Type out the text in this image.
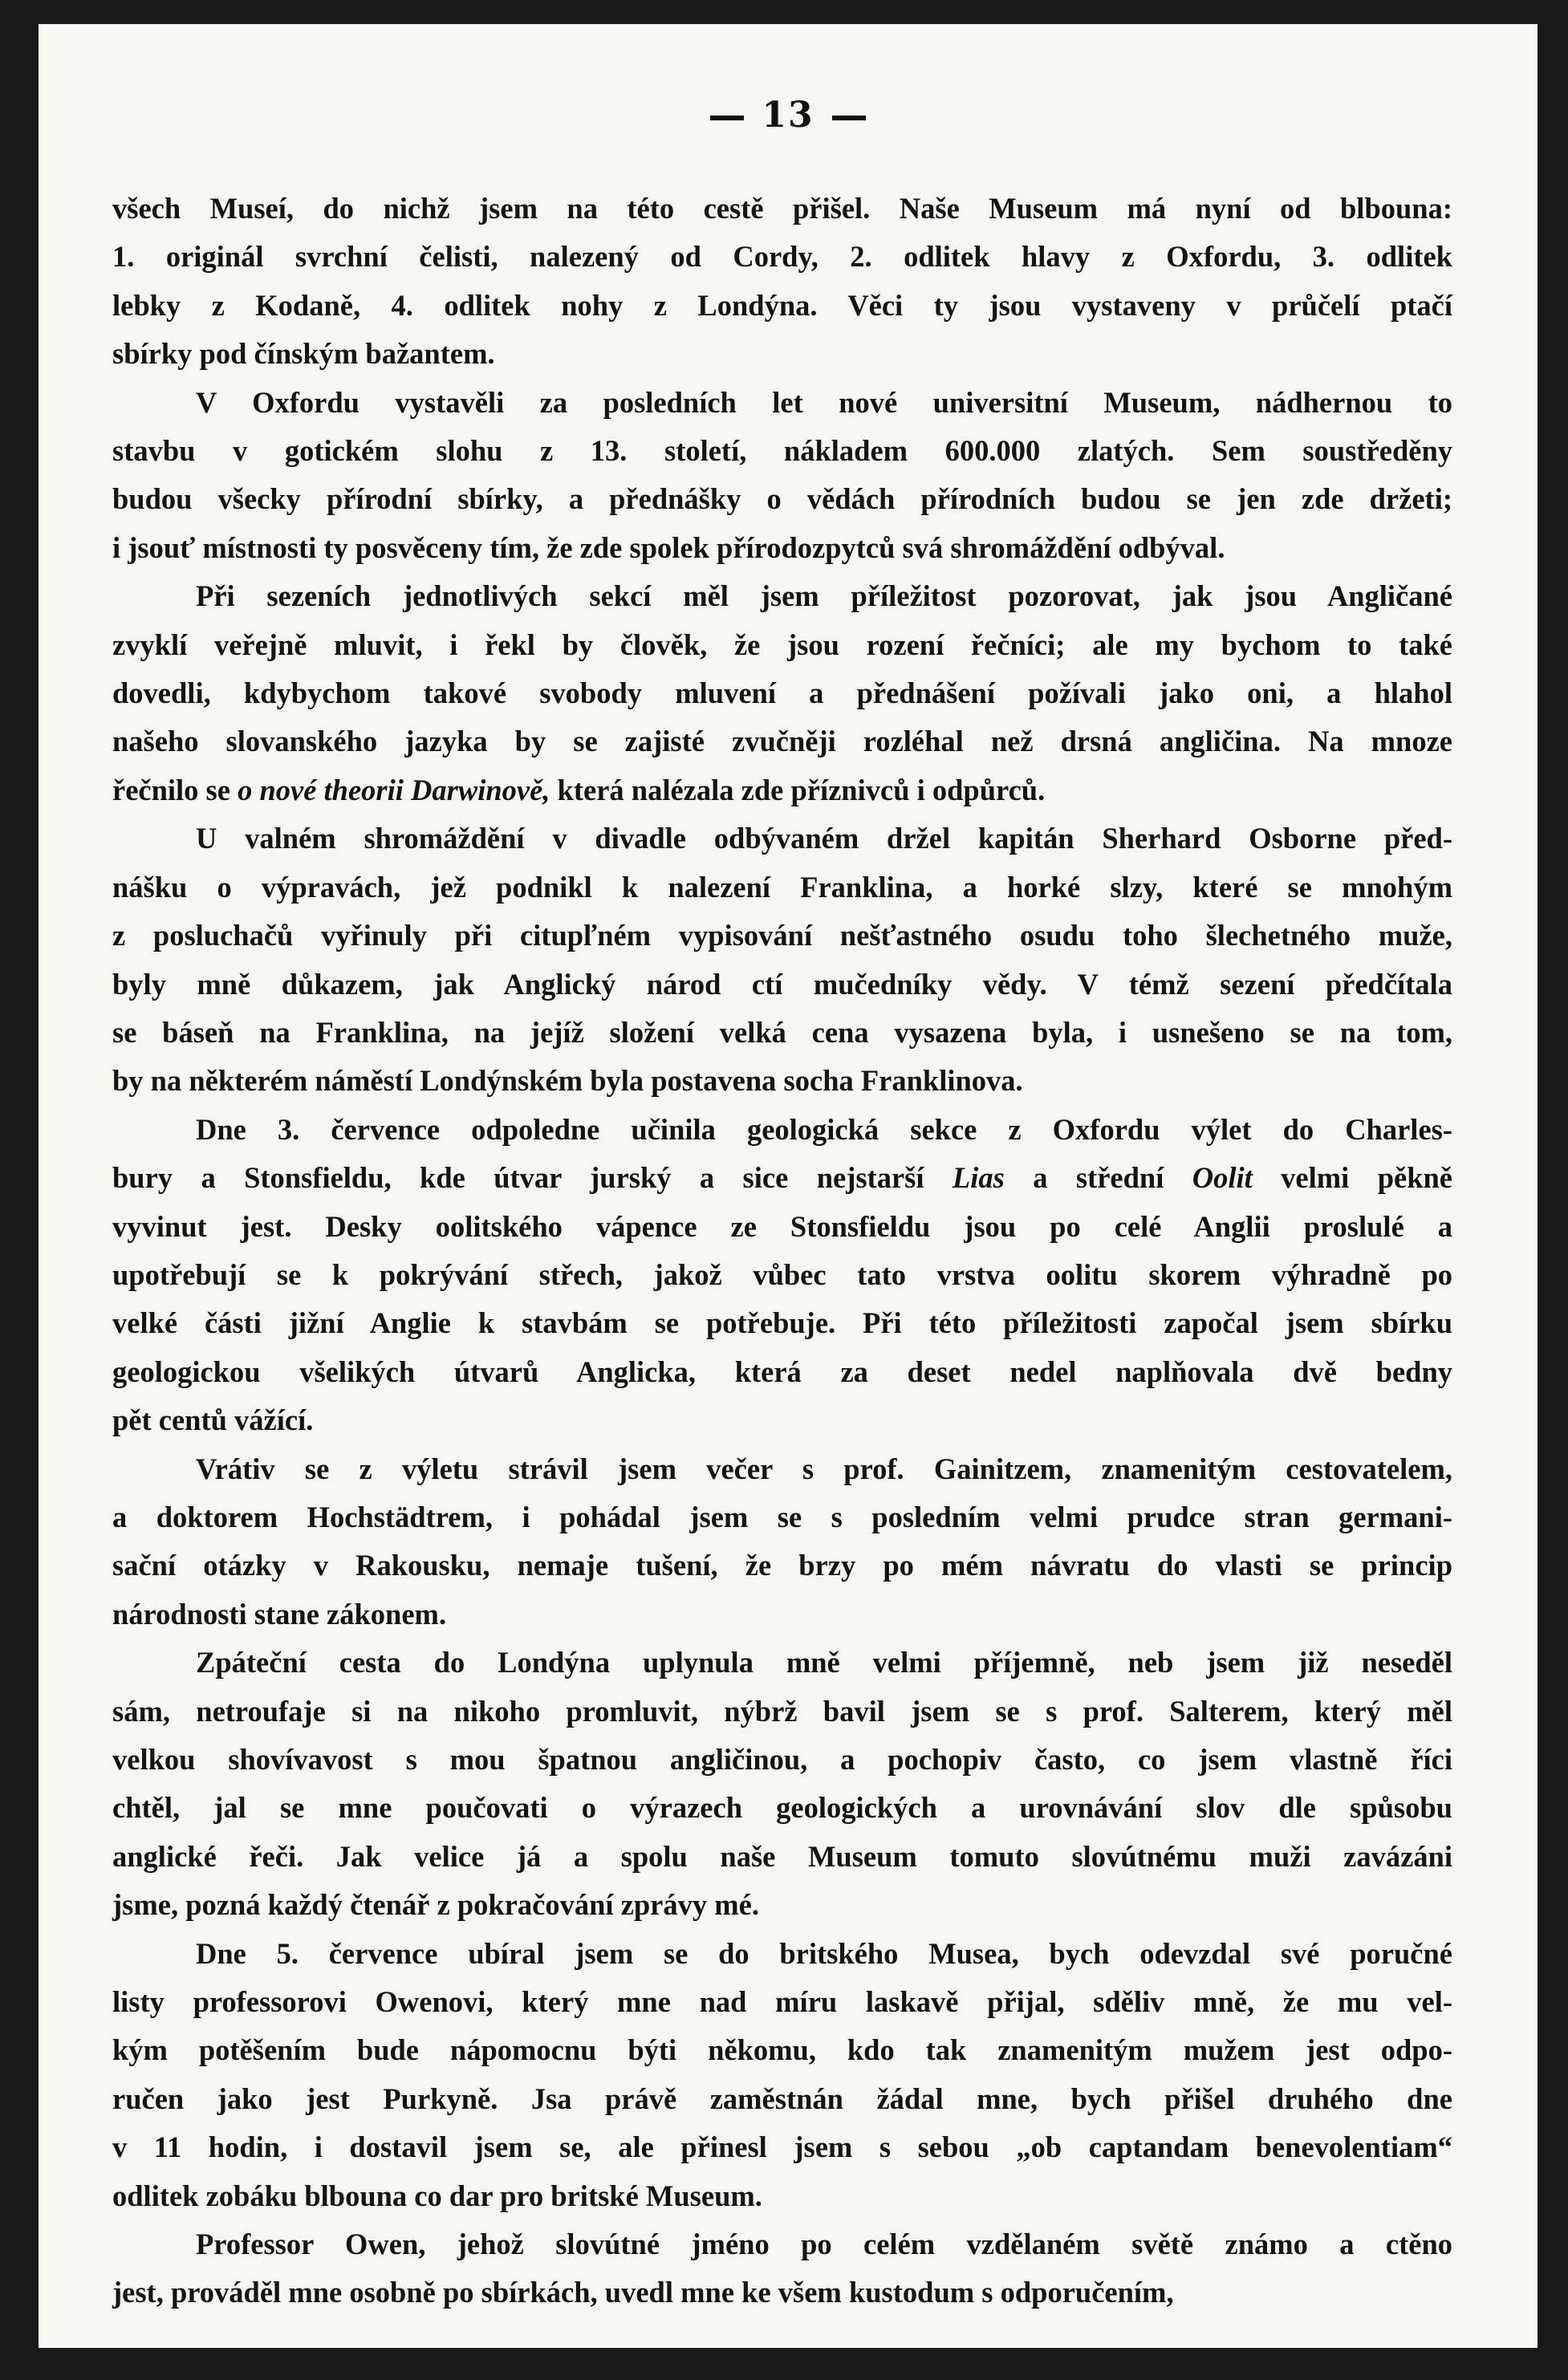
13
všech Museí, do nichž jsem na této cestě přišel. Naše Museum má nyní od blbouna:
1. originál svrchní čelisti, nalezený od Cordy, 2. odlitek hlavy z Oxfordu, 3. odlitek
lebky z Kodaně, 4. odlitek nohy z Londýna. Věci ty jsou vystaveny v průčelí ptačí
sbírky pod čínským bažantem.
V Oxfordu vystavěli za posledních let nové universitní Museum, nádhernou to
stavbu v gotickém slohu z 13. století, nákladem 600.000 zlatých. Sem soustředěny
budou všecky přírodní sbírky, a přednášky o vědách přírodních budou se jen zde držeti;
i jsouť místnosti ty posvěceny tím, že zde spolek přírodozpytců svá shromáždění odbýval.
Při sezeních jednotlivých sekcí měl jsem příležitost pozorovat, jak jsou Angličané
zvyklí veřejně mluvit, i řekl by člověk, že jsou rození řečníci; ale my bychom to také
dovedli, kdybychom takové svobody mluvení a přednášení požívali jako oni, a hlahol
našeho slovanského jazyka by se zajisté zvučněji rozléhal než drsná angličina. Na mnoze
řečnilo se o nové theorii Darwinově, která nalézala zde příznivců i odpůrců.
U valném shromáždění v divadle odbývaném držel kapitán Sherhard Osborne před-
nášku o výpravách, jež podnikl k nalezení Franklina, a horké slzy, které se mnohým
z posluchačů vyřinuly při citupľném vypisování nešťastného osudu toho šlechetného muže,
byly mně důkazem, jak Anglický národ ctí mučedníky vědy. V témž sezení předčítala
se báseň na Franklina, na jejíž složení velká cena vysazena byla, i usnešeno se na tom,
by na některém náměstí Londýnském byla postavena socha Franklinova.
Dne 3. července odpoledne učinila geologická sekce z Oxfordu výlet do Charles-
bury a Stonsfieldu, kde útvar jurský a sice nejstarší Lias a střední Oolit velmi pěkně
vyvinut jest. Desky oolitského vápence ze Stonsfieldu jsou po celé Anglii proslulé a
upotřebují se k pokrývání střech, jakož vůbec tato vrstva oolitu skorem výhradně po
velké části jižní Anglie k stavbám se potřebuje. Při této příležitosti započal jsem sbírku
geologickou všelikých útvarů Anglicka, která za deset nedel naplňovala dvě bedny
pět centů vážící.
Vrátiv se z výletu strávil jsem večer s prof. Gainitzem, znamenitým cestovatelem,
a doktorem Hochstädtrem, i pohádal jsem se s posledním velmi prudce stran germani-
sační otázky v Rakousku, nemaje tušení, že brzy po mém návratu do vlasti se princip
národnosti stane zákonem.
Zpáteční cesta do Londýna uplynula mně velmi příjemně, neb jsem již neseděl
sám, netroufaje si na nikoho promluvit, nýbrž bavil jsem se s prof. Salterem, který měl
velkou shovívavost s mou špatnou angličinou, a pochopiv často, co jsem vlastně říci
chtěl, jal se mne poučovati o výrazech geologických a urovnávání slov dle spůsobu
anglické řeči. Jak velice já a spolu naše Museum tomuto slovútnému muži zavázáni
jsme, pozná každý čtenář z pokračování zprávy mé.
Dne 5. července ubíral jsem se do britského Musea, bych odevzdal své poručné
listy professorovi Owenovi, který mne nad míru laskavě přijal, sděliv mně, že mu vel-
kým potěšením bude nápomocnu býti někomu, kdo tak znamenitým mužem jest odpo-
ručen jako jest Purkyně. Jsa právě zaměstnán žádal mne, bych přišel druhého dne
v 11 hodin, i dostavil jsem se, ale přinesl jsem s sebou „ob captandam benevolentiam“
odlitek zobáku blbouna co dar pro britské Museum.
Professor Owen, jehož slovútné jméno po celém vzdělaném světě známo a ctěno
jest, prováděl mne osobně po sbírkách, uvedl mne ke všem kustodum s odporučením,
